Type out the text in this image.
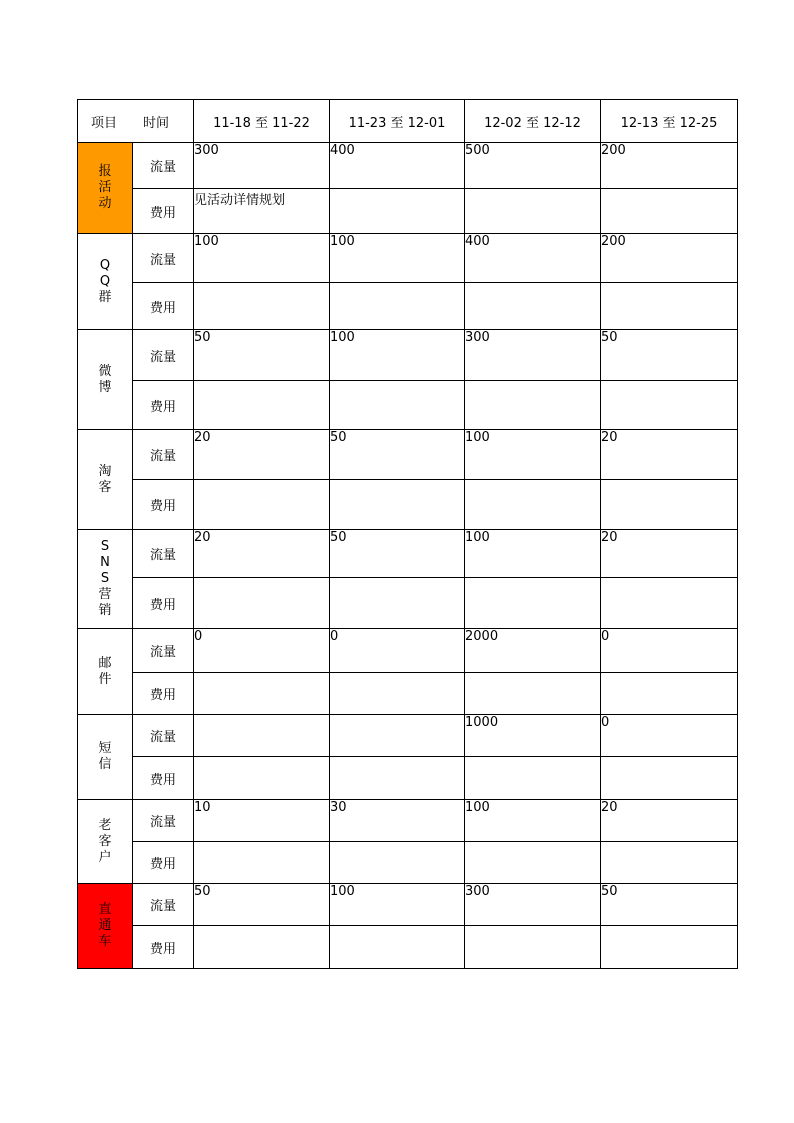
项目 时间		11-18 至 11-22	11-23 至 12-01	12-02 至 12-12	12-13 至 12-25
报活动	流量	300	400	500	200
	费用	见活动详情规划			
QQ群	流量	100	100	400	200
	费用				
微博	流量	50	100	300	50
	费用				
淘客	流量	20	50	100	20
	费用				
SNS营销	流量	20	50	100	20
	费用				
邮件	流量	0	0	2000	0
	费用				
短信	流量			1000	0
	费用				
老客户	流量	10	30	100	20
	费用				
直通车	流量	50	100	300	50
	费用				
